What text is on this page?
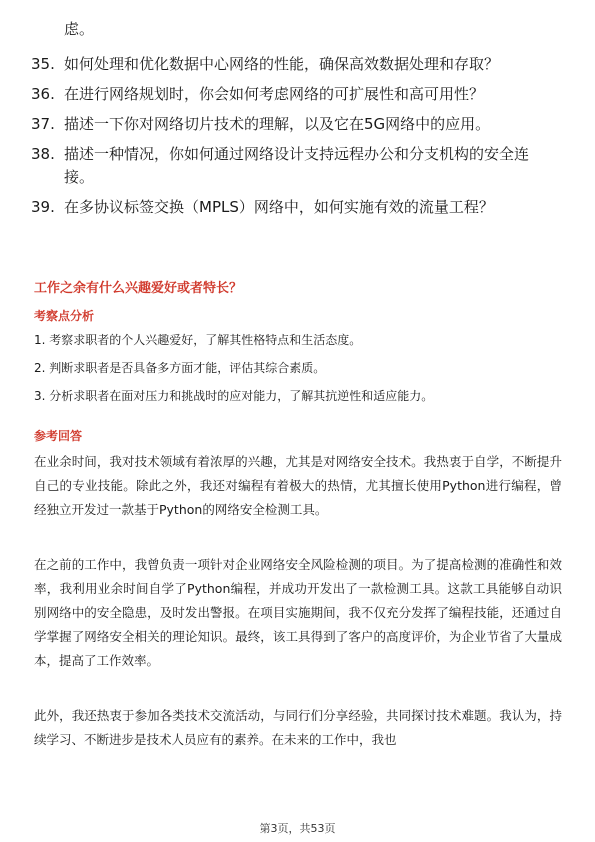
虑。
35. 如何处理和优化数据中心网络的性能，确保高效数据处理和存取？
36. 在进行网络规划时，你会如何考虑网络的可扩展性和高可用性？
37. 描述一下你对网络切片技术的理解，以及它在5G网络中的应用。
38. 描述一种情况，你如何通过网络设计支持远程办公和分支机构的安全连接。
39. 在多协议标签交换（MPLS）网络中，如何实施有效的流量工程？
工作之余有什么兴趣爱好或者特长？
考察点分析
1. 考察求职者的个人兴趣爱好，了解其性格特点和生活态度。
2. 判断求职者是否具备多方面才能，评估其综合素质。
3. 分析求职者在面对压力和挑战时的应对能力，了解其抗逆性和适应能力。
参考回答

在业余时间，我对技术领域有着浓厚的兴趣，尤其是对网络安全技术。我热衷于自学，不断提升自己的专业技能。除此之外，我还对编程有着极大的热情，尤其擅长使用Python进行编程，曾经独立开发过一款基于Python的网络安全检测工具。

在之前的工作中，我曾负责一项针对企业网络安全风险检测的项目。为了提高检测的准确性和效率，我利用业余时间自学了Python编程，并成功开发出了一款检测工具。这款工具能够自动识别网络中的安全隐患，及时发出警报。在项目实施期间，我不仅充分发挥了编程技能，还通过自学掌握了网络安全相关的理论知识。最终，该工具得到了客户的高度评价，为企业节省了大量成本，提高了工作效率。

此外，我还热衷于参加各类技术交流活动，与同行们分享经验，共同探讨技术难题。我认为，持续学习、不断进步是技术人员应有的素养。在未来的工作中，我也

第3页，共53页
